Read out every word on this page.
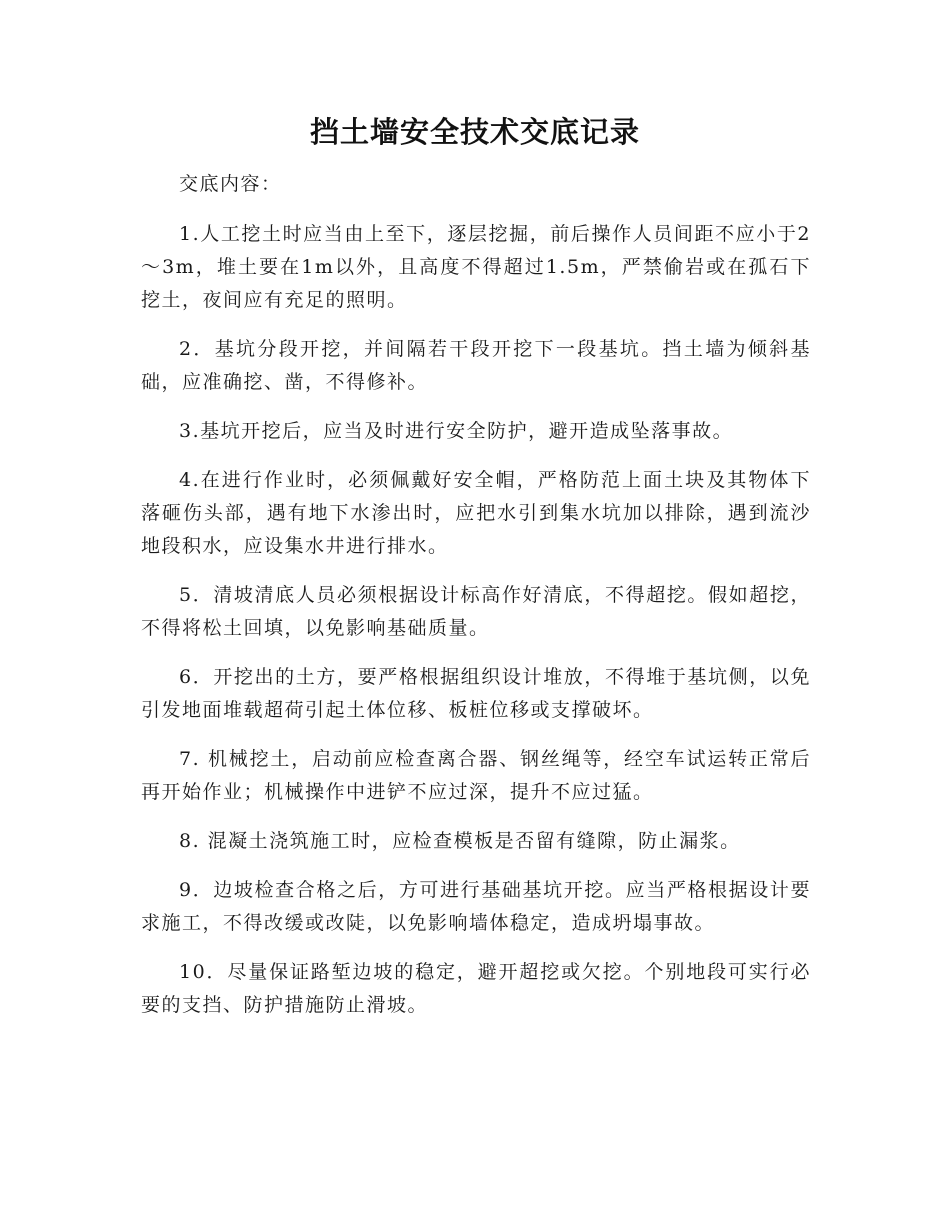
挡土墙安全技术交底记录

交底内容：

1.人工挖土时应当由上至下，逐层挖掘，前后操作人员间距不应小于2～3m，堆土要在1m以外，且高度不得超过1.5m，严禁偷岩或在孤石下挖土，夜间应有充足的照明。

2．基坑分段开挖，并间隔若干段开挖下一段基坑。挡土墙为倾斜基础，应准确挖、凿，不得修补。

3.基坑开挖后，应当及时进行安全防护，避开造成坠落事故。

4.在进行作业时，必须佩戴好安全帽，严格防范上面土块及其物体下落砸伤头部，遇有地下水渗出时，应把水引到集水坑加以排除，遇到流沙地段积水，应设集水井进行排水。

5．清坡清底人员必须根据设计标高作好清底，不得超挖。假如超挖，不得将松土回填，以免影响基础质量。

6．开挖出的土方，要严格根据组织设计堆放，不得堆于基坑侧，以免引发地面堆载超荷引起土体位移、板桩位移或支撑破坏。

7. 机械挖土，启动前应检查离合器、钢丝绳等，经空车试运转正常后再开始作业；机械操作中进铲不应过深，提升不应过猛。

8. 混凝土浇筑施工时，应检查模板是否留有缝隙，防止漏浆。

9．边坡检查合格之后，方可进行基础基坑开挖。应当严格根据设计要求施工，不得改缓或改陡，以免影响墙体稳定，造成坍塌事故。

10．尽量保证路堑边坡的稳定，避开超挖或欠挖。个别地段可实行必要的支挡、防护措施防止滑坡。
